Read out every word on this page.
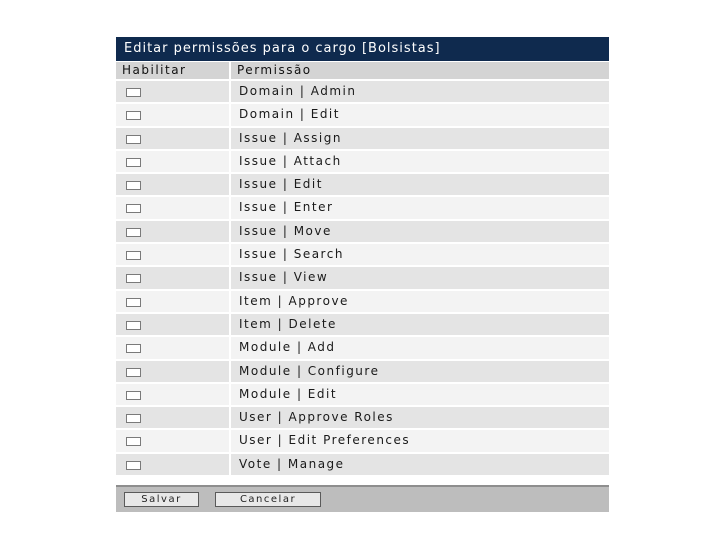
Editar permissões para o cargo [Bolsistas]
Habilitar	Permissão
Domain | Admin
Domain | Edit
Issue | Assign
Issue | Attach
Issue | Edit
Issue | Enter
Issue | Move
Issue | Search
Issue | View
Item | Approve
Item | Delete
Module | Add
Module | Configure
Module | Edit
User | Approve Roles
User | Edit Preferences
Vote | Manage
Salvar	Cancelar
